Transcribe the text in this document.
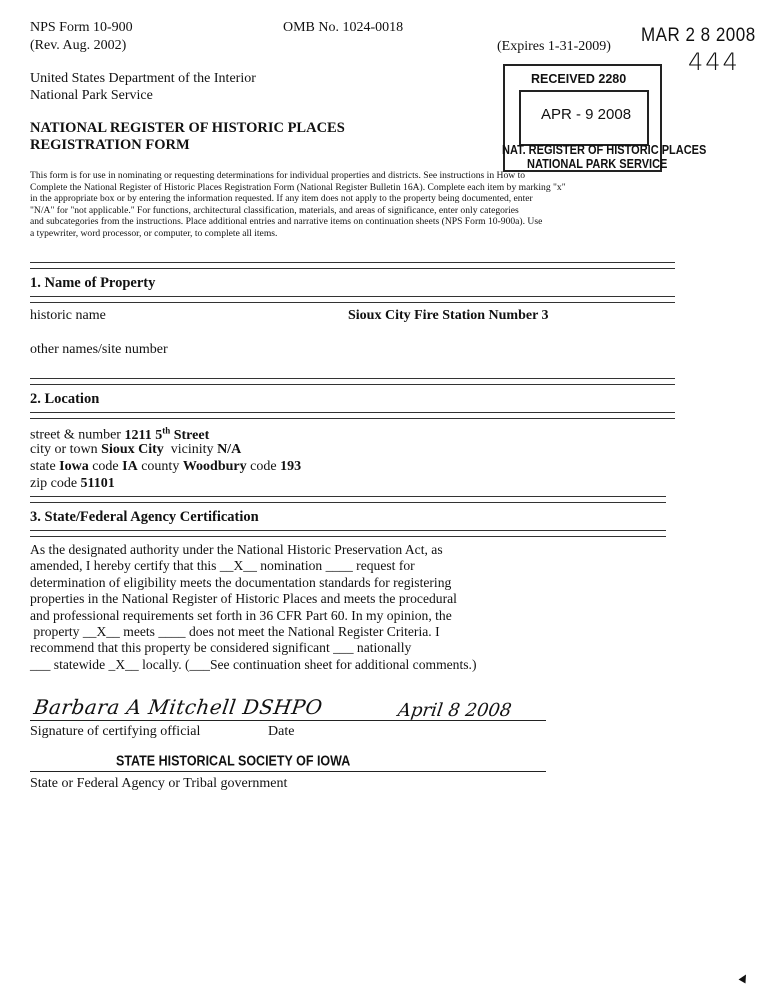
NPS Form 10-900
(Rev. Aug. 2002)
OMB No. 1024-0018
(Expires 1-31-2009)
MAR 2 8 2008
444
United States Department of the Interior
National Park Service
NATIONAL REGISTER OF HISTORIC PLACES
REGISTRATION FORM
RECEIVED 2280
APR - 9 2008
NAT. REGISTER OF HISTORIC PLACES
NATIONAL PARK SERVICE
This form is for use in nominating or requesting determinations for individual properties and districts. See instructions in How to
Complete the National Register of Historic Places Registration Form (National Register Bulletin 16A). Complete each item by marking "x"
in the appropriate box or by entering the information requested. If any item does not apply to the property being documented, enter
"N/A" for "not applicable." For functions, architectural classification, materials, and areas of significance, enter only categories
and subcategories from the instructions. Place additional entries and narrative items on continuation sheets (NPS Form 10-900a). Use
a typewriter, word processor, or computer, to complete all items.
1. Name of Property
historic name	Sioux City Fire Station Number 3
other names/site number
2. Location
street & number 1211 5th Street
city or town Sioux City vicinity N/A
state Iowa code IA county Woodbury code 193
zip code 51101
3. State/Federal Agency Certification

As the designated authority under the National Historic Preservation Act, as

amended, I hereby certify that this __X__ nomination ____ request for

determination of eligibility meets the documentation standards for registering

properties in the National Register of Historic Places and meets the procedural

and professional requirements set forth in 36 CFR Part 60. In my opinion, the

property __X__ meets ____ does not meet the National Register Criteria. I

recommend that this property be considered significant ___ nationally

___ statewide _X__ locally. (___See continuation sheet for additional comments.)

Barbara A Mitchell DSHPO	April 8 2008
Signature of certifying official	Date
STATE HISTORICAL SOCIETY OF IOWA
State or Federal Agency or Tribal government
